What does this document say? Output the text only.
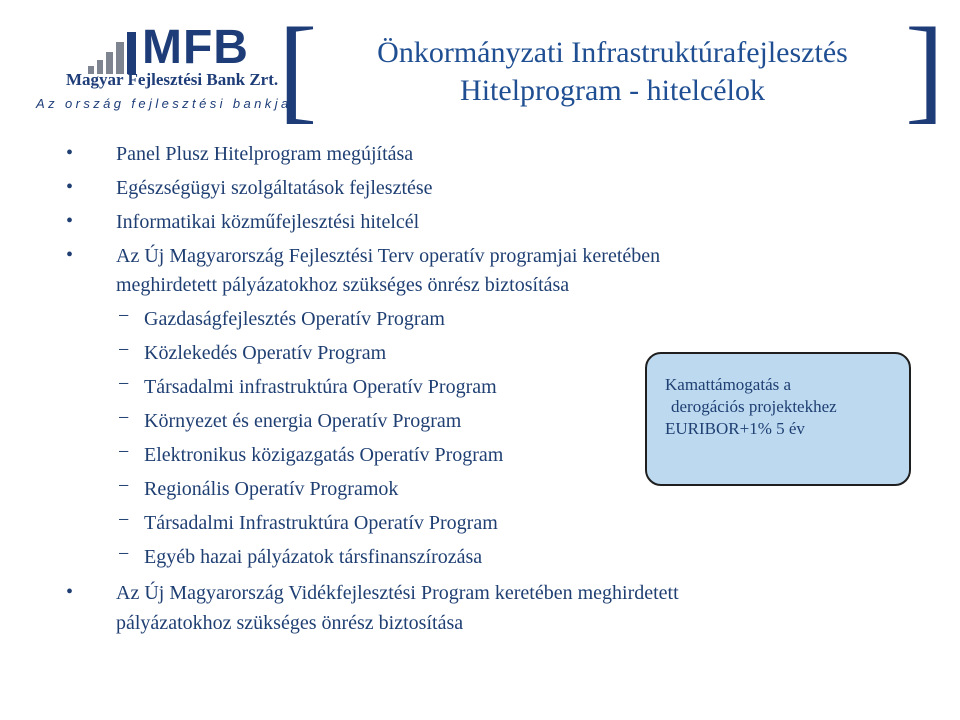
MFB
Magyar Fejlesztési Bank Zrt.
Az ország fejlesztési bankja
[	Önkormányzati Infrastruktúrafejlesztés
Hitelprogram - hitelcélok	]
• Panel Plusz Hitelprogram megújítása
• Egészségügyi szolgáltatások fejlesztése
• Informatikai közműfejlesztési hitelcél
• Az Új Magyarország Fejlesztési Terv operatív programjai keretében
meghirdetett pályázatokhoz szükséges önrész biztosítása
− Gazdaságfejlesztés Operatív Program
− Közlekedés Operatív Program
− Társadalmi infrastruktúra Operatív Program
− Környezet és energia Operatív Program
− Elektronikus közigazgatás Operatív Program
− Regionális Operatív Programok
− Társadalmi Infrastruktúra Operatív Program
− Egyéb hazai pályázatok társfinanszírozása
• Az Új Magyarország Vidékfejlesztési Program keretében meghirdetett
pályázatokhoz szükséges önrész biztosítása
Kamattámogatás a
derogációs projektekhez
EURIBOR+1% 5 év
